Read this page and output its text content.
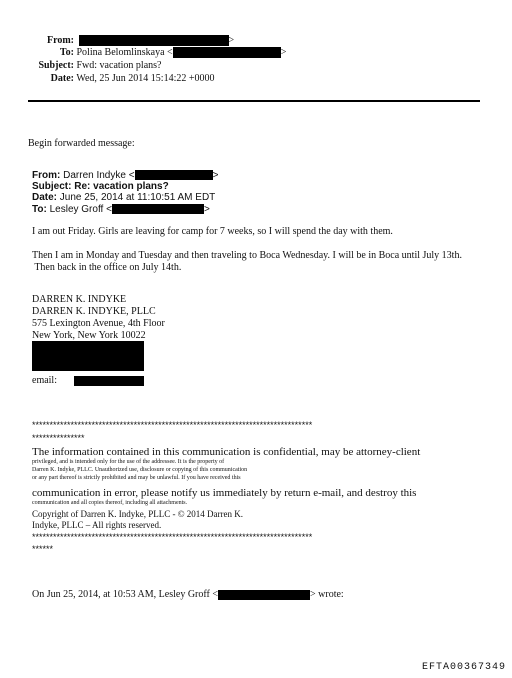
From:	>
To: Polina Belomlinskaya <	>
Subject: Fwd: vacation plans?
Date: Wed, 25 Jun 2014 15:14:22 +0000
Begin forwarded message:
From: Darren Indyke <	>
Subject: Re: vacation plans?
Date: June 25, 2014 at 11:10:51 AM EDT
To: Lesley Groff <	>
I am out Friday. Girls are leaving for camp for 7 weeks, so I will spend the day with them.
Then I am in Monday and Tuesday and then traveling to Boca Wednesday. I will be in Boca until July 13th.
Then back in the office on July 14th.
DARREN K. INDYKE
DARREN K. INDYKE, PLLC
575 Lexington Avenue, 4th Floor
New York, New York 10022
email:
********************************************************************************
***************
The information contained in this communication is confidential, may be attorney-client
privileged, and is intended only for the use of the addressee. It is the property of
Darren K. Indyke, PLLC. Unauthorized use, disclosure or copying of this communication
or any part thereof is strictly prohibited and may be unlawful. If you have received this
communication in error, please notify us immediately by return e-mail, and destroy this
communication and all copies thereof, including all attachments.
Copyright of Darren K. Indyke, PLLC - © 2014 Darren K.
Indyke, PLLC – All rights reserved.
********************************************************************************
******
On Jun 25, 2014, at 10:53 AM, Lesley Groff <	> wrote:
EFTA00367349
